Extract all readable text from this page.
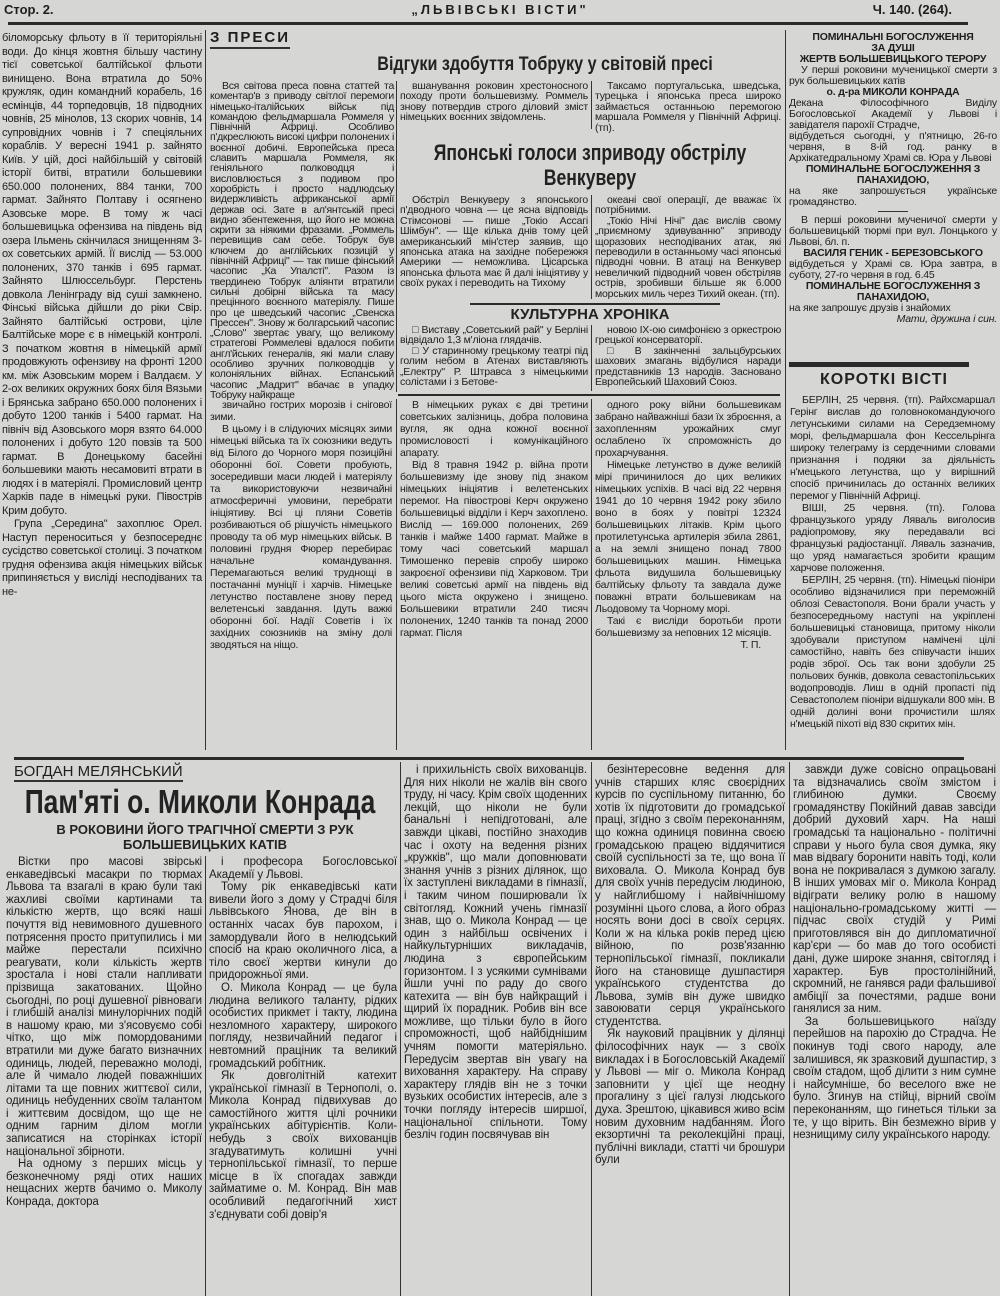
Стор. 2.	„ЛЬВІВСЬКІ ВІСТИ"	Ч. 140. (264).

біломорську фльоту в її територіяльні води. До кінця жовтня більшу частину тієї советської балтійської фльоти винищено. Вона втратила до 50% кружляк, один командний корабель, 16 есмінців, 44 торпедовців, 18 підводних човнів, 25 мінолов, 13 скорих човнів, 14 супровідних човнів і 7 спеціяльних кораблів. У вересні 1941 р. зайнято Київ. У цій, досі найбільшій у світовій історії битві, втратили большевики 650.000 полонених, 884 танки, 700 гармат. Зайнято Полтаву і осягнено Азовське море. В тому ж часі большевицька офензива на південь від озера Ільмень скінчилася знищенням 3-ох советських армій. Її вислід — 53.000 полонених, 370 танків і 695 гармат. Зайнято Шлюссельбург. Перстень довкола Ленінграду від суші замкнено. Фінські війська дійшли до ріки Свір. Зайнято балтійські острови, ціле Балтійське море є в німецькій контролі. З початком жовтня в німецькій армії продовжують офензиву на фронті 1200 км. між Азовським морем і Валдаєм. У 2-ох великих окружних боях біля Вязьми і Брянська забрано 650.000 полонених і добуто 1200 танків і 5400 гармат. На північ від Азовського моря взято 64.000 полонених і добуто 120 повзів та 500 гармат. В Донецькому басейні большевики мають несамовиті втрати в людях і в матеріялі. Промисловий центр Харків паде в німецькі руки. Півострів Крим добуто.

Група „Середина" захоплює Орел. Наступ переноситься у безпосереднє сусідство советської столиці. З початком грудня офензива акція німецьких військ припиняється у висліді несподіваних та не-

З ПРЕСИ
Відгуки здобуття Тобруку у світовій пресі

Вся світова преса повна статтей та коментар'в з приводу світлої перемоги німецько-італійських військ під командою фельдмаршала Роммеля у Північній Африці. Особливо п'дкреслюють високі цифри полонених і воєнної добичі. Европейська преса славить маршала Роммеля, як геніяльного полководця і висловлюється з подивом про хоробрість і просто надлюдську видержливість африканської армії держав осі. Зате в ал'янтській пресі видно збентеження, що його не можна скрити за ніякими фразами. „Роммель перевищив сам себе. Тобрук був ключем до англійських позицій у північній Африці" — так пише фінський часопис „Ка Упалсті". Разом із твердинею Тобрук аліянти втратили сильні добірні війська та масу прецінного воєнного матеріялу. Пише про це шведський часопис „Свенска Прессен". Знову ж болгарський часопис „Слово" звертає увагу, що великому стратегові Роммелеві вдалося побити англ'йських генералів, які мали славу особливо зручних полководців у колоніяльних війнах. Еспанський часопис „Мадрит" вбачає в упадку Тобруку найкраще

вшанування роковин хрестоносного походу проти большевизму. Роммель знову потвердив строго діловий зміст німецьких воєнних звідомлень.

Таксамо португальська, шведська, турецька і японська преса широко займається останньою перемогою маршала Роммеля у Північній Африці. (тп).

Японські голоси зприводу обстрілу Венкуверу

Обстріл Венкуверу з японського п'дводного човна — це ясна відповідь Стімсонові — пише „Токіо Ассагі Шімбун". — Ще кілька днів тому цей американський мін'стер заявив, що японська атака на західне побережжя Америки — неможлива. Цісарська японська фльота має й далі ініціятиву у своїх руках і переводить на Тихому

океані свої операції, де вважає їх потрібними.

„Токіо Нічі Нічі" дає вислів свому „приємному здивуванню" зприводу щоразових несподіваних атак, які переводили в останньому часі японські підводні човни. В атаці на Венкувер невеличкий підводний човен обстріляв острів, зробивши більше як 6.000 морських миль через Тихий океан. (тп).

КУЛЬТУРНА ХРОНІКА

□ Виставу „Советський рай" у Берліні відвідало 1,3 м'ліона глядачів.

□ У старинному грецькому театрі під голим небом в Атенах виставляють „Електру" Р. Штравса з німецькими солістами і з Бетове-

новою ІХ-ою симфонією з оркестрою грецької консерваторії.

□ В закінченні зальцбурських шахових змагань відбулися наради представників 13 народів. Засновано Европейський Шаховий Союз.

звичайно гострих морозів і снігової зими.

В цьому і в слідуючих місяцях зими німецькі війська та їх союзники ведуть від Білого до Чорного моря позиційні оборонні бої. Совети пробують, зосередивши маси людей і матеріялу та використовуючи незвичайні атмосферичні умовини, перебрати ініціятиву. Всі ці пляни Советів розбиваються об рішучість німецького проводу та об мур німецьких військ. В половині грудня Фюрер перебирає начальне командування. Перемагаються великі труднощі в постачанні муніції і харчів. Німецьке летунство поставлене знову перед велетенські завдання. Ідуть важкі оборонні бої. Надії Советів і їх західних союзників на зміну долі зводяться на ніщо.

В німецьких руках є дві третини советських залізниць, добра половина вугля, як одна кожної воєнної промисловості і комунікаційного апарату.

Від 8 травня 1942 р. війна проти большевизму іде знову під знаком німецьких ініціятив і велетенських перемог. На півострові Керч окружено большевицькі відділи і Керч захоплено. Вислід — 169.000 полонених, 269 танків і майже 1400 гармат. Майже в тому часі советський маршал Тимошенко перевів спробу широко закроєної офензиви під Харковом. Три великі советські армії на південь від цього міста окружено і знищено. Большевики втратили 240 тисяч полонених, 1240 танків та понад 2000 гармат. Після

одного року війни большевикам забрано найважніші бази їх зброєння, а захопленням урожайних смуг ослаблено їх спроможність до прохарчування.

Німецьке летунство в дуже великій мірі причинилося до цих великих німецьких успіхів. В часі від 22 червня 1941 до 10 червня 1942 року збило воно в боях у повітрі 12324 большевицьких літаків. Крім цього протилетунська артилерія збила 2861, а на землі знищено понад 7800 большевицьких машин. Німецька фльота видушила большевицьку балтійську фльоту та завдала дуже поважні втрати большевикам на Льодовому та Чорному морі.

Такі є висліди боротьби проти большевизму за неповних 12 місяців.

Т. П.
ПОМИНАЛЬНІ БОГОСЛУЖЕННЯ
ЗА ДУШІ
ЖЕРТВ БОЛЬШЕВИЦЬКОГО ТЕРОРУ

У перші роковини мученицької смерти з рук большевицьких катів

о. д-ра МИКОЛИ КОНРАДА

Декана Філософічного Виділу Богословської Академії у Львові і завідателя парохії Страдче,

відбудеться сьогодні, у п'ятницю, 26-го червня, в 8-ій год. ранку в Архікатедральному Храмі св. Юра у Львові

ПОМИНАЛЬНЕ БОГОСЛУЖЕННЯ З ПАНАХИДОЮ,

на яке запрошується українське громадянство.

В перші роковини мученичої смерти у большевицькій тюрмі при вул. Лонцького у Львові, бл. п.

ВАСИЛЯ ГЕНИК - БЕРЕЗОВСЬКОГО

відбудеться у Храмі св. Юра завтра, в суботу, 27-го червня в год. 6.45

ПОМИНАЛЬНЕ БОГОСЛУЖЕННЯ З ПАНАХИДОЮ,

на яке запрошує друзів і знайомих

Мати, дружина і син.
КОРОТКІ ВІСТІ

БЕРЛІН, 25 червня. (тп). Райхсмаршал Герінг вислав до головнокомандуючого летунськими силами на Середземному морі, фельдмаршала фон Кессельрінга широку телеграму із сердечними словами признання і подяки за діяльність н'мецького летунства, що у вирішний спосіб причинилась до останніх великих перемог у Північній Африці.

ВІШІ, 25 червня. (тп). Голова французького уряду Ляваль виголосив радіопромову, яку передавали всі французькі радіостанції. Ляваль зазначив, що уряд намагається зробити кращим харчове положення.

БЕРЛІН, 25 червня. (тп). Німецькі піоніри особливо відзначилися при переможній облозі Севастополя. Вони брали участь у безпосередньому наступі на укріплені большевицькі становища, притому ніколи здобували приступом намічені цілі самостійно, навіть без співучасти інших родів зброї. Ось так вони здобули 25 польових бунків, довкола севастопільських водопроводів. Лиш в одній пропасті під Севастополем піоніри відшукали 800 мін. В одній долині вони прочистили шлях н'мецькій піхоті від 830 скритих мін.

БОГДАН МЕЛЯНСЬКИЙ
Пам'яті о. Миколи Конрада
В РОКОВИНИ ЙОГО ТРАГІЧНОЇ СМЕРТИ З РУК БОЛЬШЕВИЦЬКИХ КАТІВ

Вістки про масові звірські енкаведівські масакри по тюрмах Львова та взагалі в краю були такі жахливі своїми картинами та кількістю жертв, що всякі наші почуття від невимовного душевного потрясення просто притупились і ми майже перестали психічно реагувати, коли кількість жертв зростала і нові стали напливати прізвища закатованих. Щойно сьогодні, по році душевної рівноваги і глибшій аналізі минулорічних подій в нашому краю, ми з'ясовуємо собі чітко, що між помордованими втратили ми дуже багато визначних одиниць, людей, переважно молоді, але й чимало людей поважніших літами та ще повних життєвої сили, одиниць небуденних своїм талантом і життєвим досвідом, що ще не одним гарним ділом могли записатися на сторінках історії національної збірноти.

На одному з перших місць у безконечному ряді отих наших нещасних жертв бачимо о. Миколу Конрада, доктора

і професора Богословської Академії у Львові.

Тому рік енкаведівські кати вивели його з дому у Страдчі біля львівського Янова, де він в останніх часах був парохом, і замордували його в нелюдський спосіб на краю околичного ліса, а тіло своєї жертви кинули до придорожньої ями.

О. Микола Конрад — це була людина великого таланту, рідких особистих прикмет і такту, людина незломного характеру, широкого погляду, незвичайний педагог і невтомний праціник та великий громадський робітник.

Як довголітній катехит української гімназії в Тернополі, о. Микола Конрад підвихував до самостійного життя цілі рочники українських абітурієнтів. Коли-небудь з своїх вихованців згадуватимуть колишні учні тернопільської гімназії, то перше місце в їх спогадах завжди займатиме о. М. Конрад. Він мав особливий педагогічний хист з'єднувати собі довір'я

і прихильність своїх вихованців. Для них ніколи не жалів він свого труду, ні часу. Крім своїх щоденних лекцій, що ніколи не були банальні і непідготовані, але завжди цікаві, постійно знаходив час і охоту на ведення різних „кружків", що мали доповнювати знання учнів з різних ділянок, що їх заступлені викладами в гімназії, і таким чином поширювали їх світогляд. Кожний учень гімназії знав, що о. Микола Конрад — це один з найбільш освічених і найкультурніших викладачів, людина з європейським горизонтом. І з усякими сумнівами йшли учні по раду до свого катехита — він був найкращий і щирий їх порадник. Робив він все можливе, що тільки було в його спроможності, щоб найбіднішим учням помогти матеріяльно. Передусім звертав він увагу на виховання характеру. На справу характеру глядів він не з точки вузьких особистих інтересів, але з точки погляду інтересів ширшої, національної спільноти. Тому безліч годин посвячував він

безінтересовне ведення для учнів старших кляс своєрідних курсів по суспільному питанню, бо хотів їх підготовити до громадської праці, згідно з своїм переконанням, що кожна одиниця повинна своєю громадською працею віддячитися своїй суспільності за те, що вона її виховала. О. Микола Конрад був для своїх учнів передусім людиною, у найглибшому і найвічнішому розумінні цього слова, а його образ носять вони досі в своїх серцях. Коли ж на кілька років перед цією війною, по розв'язанню тернопільської гімназії, покликали його на становище душпастиря українського студентства до Львова, зумів він дуже швидко завоювати серця українського студентства.

Як науковий працівник у ділянці філософічних наук — з своїх викладах і в Богословській Академії у Львові — міг о. Микола Конрад заповнити у цієї ще неодну прогалину з цієї галузі людського духа. Зрештою, цікавився живо всім новим духовним надбанням. Його екзортичні та реколекційні праці, публічні виклади, статті чи брошури були

завжди дуже совісно опрацьовані та відзначались своїм змістом і глибиною думки. Своєму громадянству Покійний давав завсіди добрий духовий харч. На наші громадські та національно - політичні справи у нього була своя думка, яку мав відвагу боронити навіть тоді, коли вона не покривалася з думкою загалу. В інших умовах міг о. Микола Конрад відіграти велику ролю в нашому національно-громадському житті — підчас своїх студій у Римі приготовлявся він до дипломатичної кар'єри — бо мав до того особисті дані, дуже широке знання, світогляд і характер. Був простолінійний, скромний, не ганявся ради фальшивої амбіції за почестями, радше вони ганялися за ним.

За большевицького наїзду перейшов на парохію до Страдча. Не покинув тоді свого народу, але залишився, як зразковий душпастир, з своїм стадом, щоб ділити з ним сумне і найсумніше, бо веселого вже не було. Згинув на стійці, вірний своїм переконанням, що гинеться тільки за те, у що вірить. Він безмежно вірив у незнищиму силу українського народу.
